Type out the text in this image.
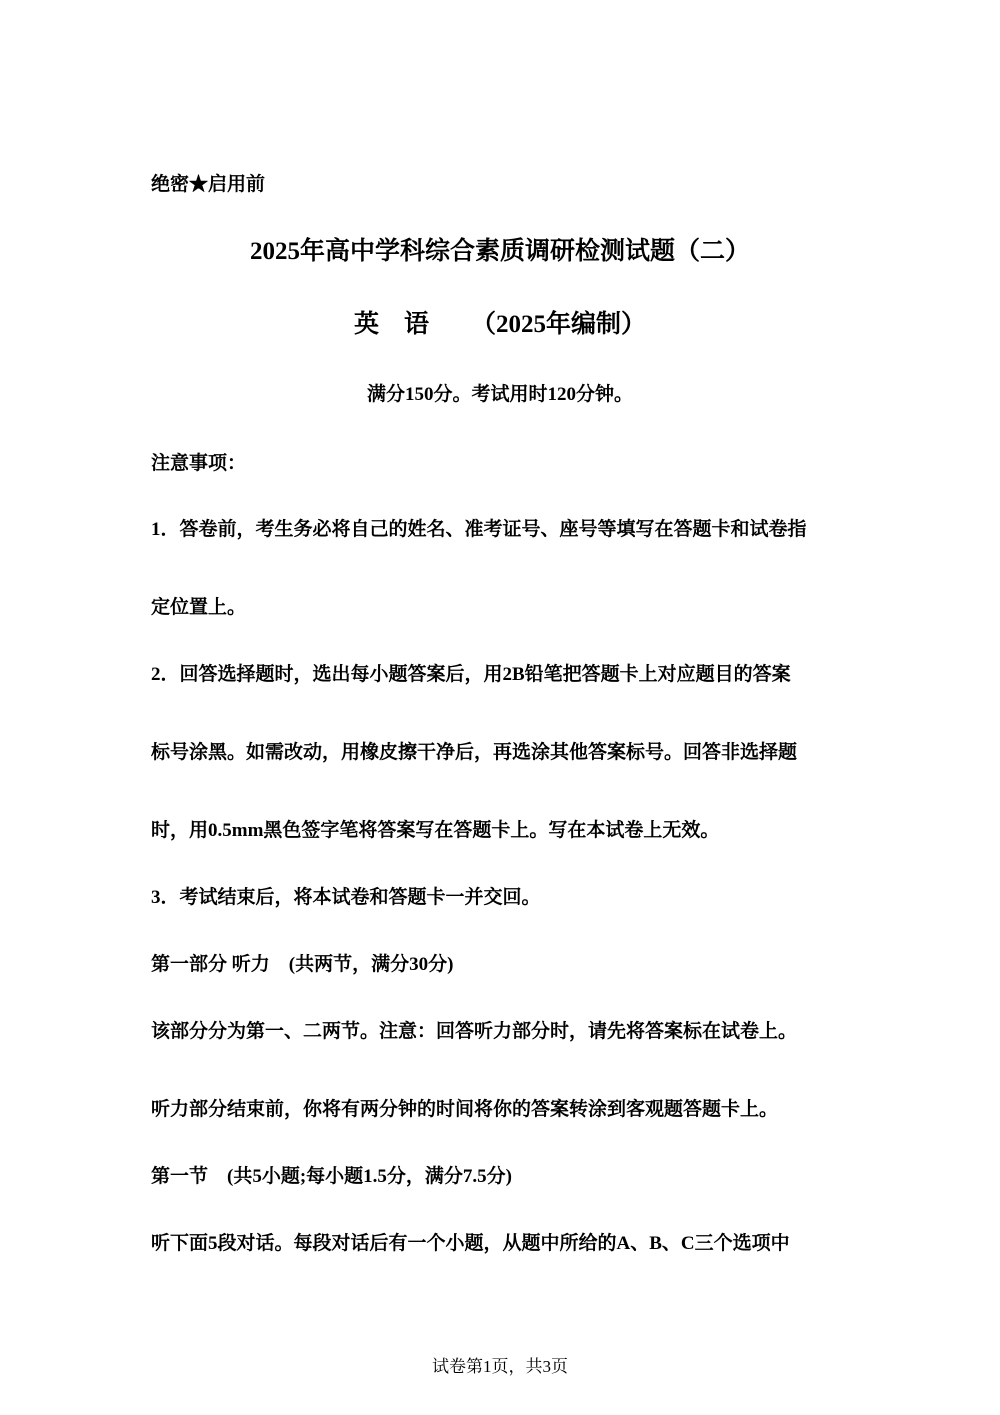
绝密★启用前
2025年高中学科综合素质调研检测试题（二）
英　语 （2025年编制）
满分150分。考试用时120分钟。
注意事项：
1．答卷前，考生务必将自己的姓名、准考证号、座号等填写在答题卡和试卷指
定位置上。
2．回答选择题时，选出每小题答案后，用2B铅笔把答题卡上对应题目的答案
标号涂黑。如需改动，用橡皮擦干净后，再选涂其他答案标号。回答非选择题
时，用0.5mm黑色签字笔将答案写在答题卡上。写在本试卷上无效。
3．考试结束后，将本试卷和答题卡一并交回。
第一部分 听力　(共两节，满分30分)
该部分分为第一、二两节。注意：回答听力部分时，请先将答案标在试卷上。
听力部分结束前，你将有两分钟的时间将你的答案转涂到客观题答题卡上。
第一节　(共5小题;每小题1.5分，满分7.5分)
听下面5段对话。每段对话后有一个小题，从题中所给的A、B、C三个选项中
试卷第1页，共3页
